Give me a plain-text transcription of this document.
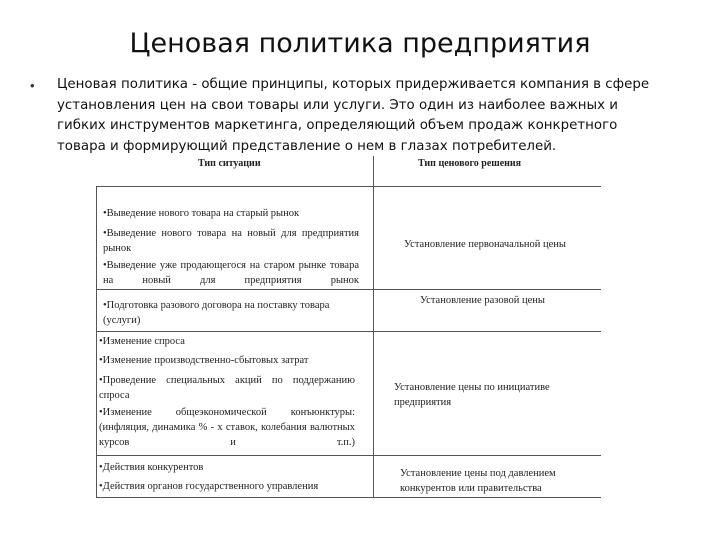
Ценовая политика предприятия
• Ценовая политика - общие принципы, которых придерживается компания в сфере установления цен на свои товары или услуги. Это один из наиболее важных и гибких инструментов маркетинга, определяющий объем продаж конкретного товара и формирующий представление о нем в глазах потребителей.
Тип ситуации	Тип ценового решения
•Выведение нового товара на старый рынок
•Выведение нового товара на новый для предприятия рынок
•Выведение уже продающегося на старом рынке товара на новый для предприятия рынок
Установление первоначальной цены
•Подготовка разового договора на поставку товара (услуги)
Установление разовой цены
•Изменение спроса
•Изменение производственно-сбытовых затрат
•Проведение специальных акций по поддержанию спроса
•Изменение общеэкономической конъюнктуры: (инфляция, динамика % - х ставок, колебания валютных курсов и т.п.)
Установление цены по инициативе предприятия
•Действия конкурентов
•Действия органов государственного управления
Установление цены под давлением конкурентов или правительства
